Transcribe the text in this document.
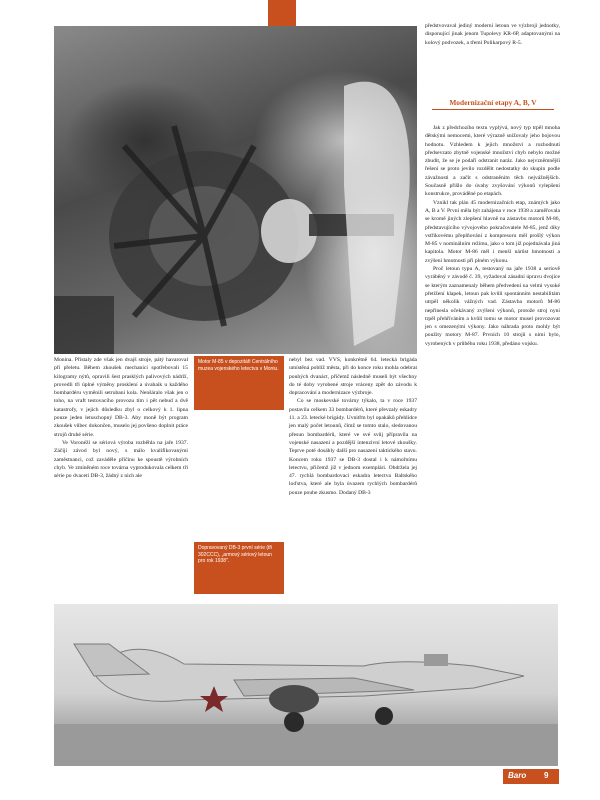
předstvovaval jediný moderní letoun ve výzbroji jednotky, disponující jinak jenom Tupolevy KR-6P, adaptovanými na kolový podvozek, a třemi Polikarpový R-5.

Modernizační etapy A, B, V

Jak z předchozího textu vyplývá, nový typ trpěl mnoha dětskými nemocemi, které výrazně snižovaly jeho bojovou hodnotu. Vzhledem k jejich množství a rozhodnutí předsevzato zbytně vojenské množství chyb nebylo možné zbudit, že se je podaří odstranit naráz. Jako nejvzněmnější řešení se proto jevilo rozdělit nedostatky do skupin podle závažnosti a začít s odstraněním těch nejvážnějších. Současně přišlo do úvahy zvyšování výkonů vylepšení konstrukce, prováděné po etapách.

Vznikl tak plán 45 modernizačních etap, známých jako A, B a V. První měla být zahájena v roce 1938 a zaměřovala se kromě jiných zlepšení hlavně na zástavbu motorů M-86, představujícího vývojového pokračovatele M-85, jenž díky vstřikovému přeplňování z kompresoru měl prošlý výkon M-85 v nominálním režimu, jako o tom již pojednávala jiná kapitola. Motor M-86 měl i menší nárůst hmotnosti a zvýšení hmotnosti při plném výkonu.

Proč letoun typu A, testovaný na jaře 1938 a seriově vyráběný v závodě č. 39, vyžadoval zásadní úpravu dvojice se kterým zaznamenaly během předvedení na velmi vysoké přetížení klapek, letoun pak kvůli spontánním nestabilitám utrpěl několik vážných vad. Zástavba motorů M-86 nepřinesla očekávaný zvýšení výkonů, protože stroj nyní trpěl přehříváním a kvůli tomu se motor musel provozovat jen s omezenými výkony. Jako náhrada proto mohly být použity motory M-87. Prvních 10 strojů s nimi bylo, vyrobených v průběhu roku 1938, předáno vojsku.

Monina. Přístaly zde však jen dvajš stroje, pátý havaroval při přeletu. Během zkoušek mechanici spotřebovali 15 kilogramy nýtů, opravili šest prasklých palivových nádrží, provedli tři úplné výměny prosklení a úvahaik u každého bombardéru vyměnili setrubaní kola. Nenšáralo však jen o toho, na vraft testovacího provozu tím i pět nebud a dvě katastrofy, v jejich důsledku zbyl o celkový k 1. lipna pouze jeden letuschopný DB-3. Aby moně být program zkoušek vůbec dokončen, muselo jej povšeno doplnit práce strojů druhé série.

Ve Voronéži se sériová výroba rozběhla na jaře 1937. Záčíjí závod byl nový, s málo kvalifikovanými zaměstnanci, což zaváděle příčinu ke spoustě výrobních chyb. Ve zmíněném roce továrna vyprodukovala celkem tři série po dvaceti DB-3, žádný z nich ale

Motor M-85 v depozitáři Centrálního muzea vojenského letectva v Moniu.
Dopravovaný DB-3 první série (tři 302CCC), „armový sériový letoun pro rok 1938".

nebyl bez vad. VVS, konkrétně 64. letecká brigáda umístěná poblíž města, při do konce roku mohla odebrat pouhých dvanáct, přičemž následně museli být všechny do té doby vyrobené stroje vráceny zpět do závodu k dopracování a modernizace výzbroje.

Co se moskevské továrny týkalo, ta v roce 1937 postavila celkem 33 bombardérů, které převzaly eskadry 11. a 23. letecké brigády. Uvnitřm byl opakáků přehlídce jen malý počet letounů, čímž se tomto stalo, sledovanou přesun bombardérů, které ve své svůj přípravila na vojenské nasazení a pozdější intenzivní letové zkoušky. Teprve poté dosáhly další pro nasazení taktického stavu. Koncem roku 1937 se DB-3 dostal i k námořnímu letectvu, přičemž již v jednom exemplári. Obdržela jej 47. rychlá bombardovací eskadra letectva Baltského loďstva, které ale byla úvazem rychlých bombardérů pouze pouhe zkusmo. Dodaný DB-3

Baro 9
